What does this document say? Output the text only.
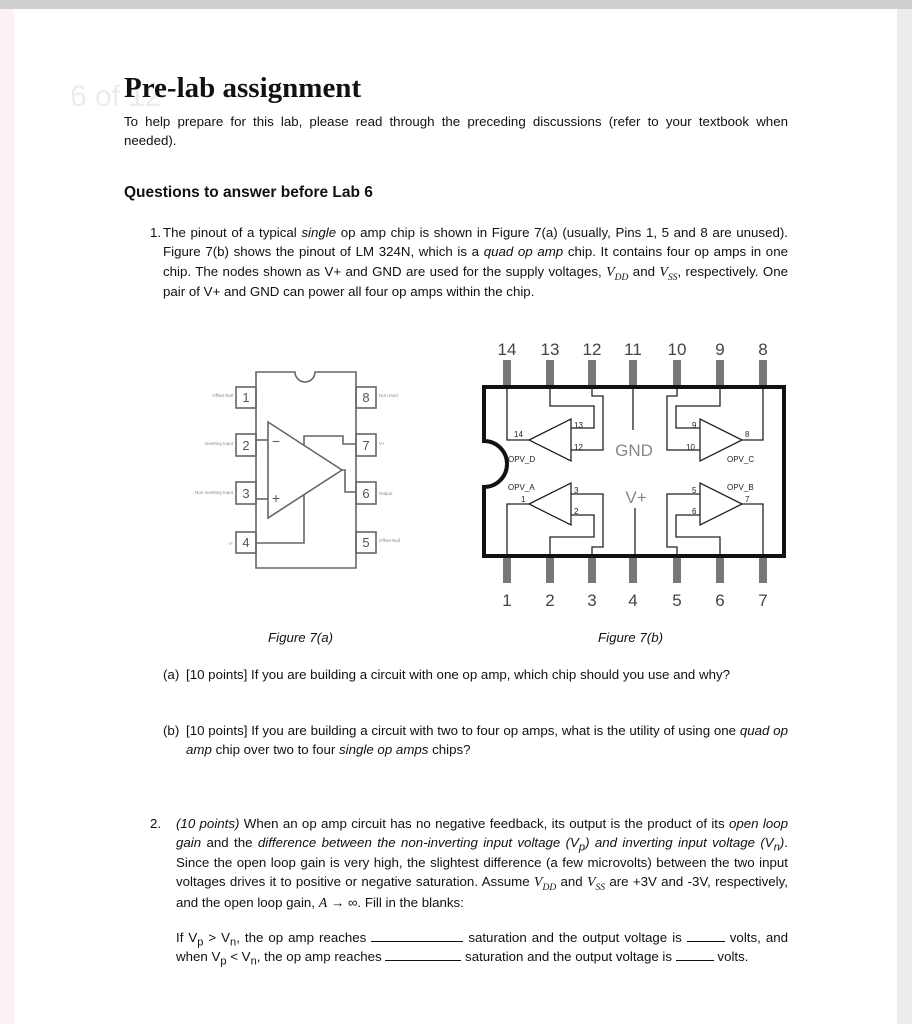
6 of 12
Pre-lab assignment
To help prepare for this lab, please read through the preceding discussions (refer to your textbook when needed).
Questions to answer before Lab 6
1. The pinout of a typical single op amp chip is shown in Figure 7(a) (usually, Pins 1, 5 and 8 are unused). Figure 7(b) shows the pinout of LM 324N, which is a quad op amp chip. It contains four op amps in one chip. The nodes shown as V+ and GND are used for the supply voltages, $V_{DD}$ and $V_{SS}$, respectively. One pair of V+ and GND can power all four op amps within the chip.
1
2
3
4	5
6
7
8
−
+
Offset Null
Inverting Input
Non Inverting Input
V-
Not Used
V+
Output
Offset Null
14 13 12 11 10 9 8
1 2 3 4 5 6 7
GND
V+
OPV_D
14
13
12
OPV_C
8
9
10
OPV_A
1
2
3	OPV_B
7
6
5
Figure 7(a)	Figure 7(b)
(a) [10 points] If you are building a circuit with one op amp, which chip should you use and why?
(b) [10 points] If you are building a circuit with two to four op amps, what is the utility of using one quad op amp chip over two to four single op amps chips?
2. (10 points) When an op amp circuit has no negative feedback, its output is the product of its open loop gain and the difference between the non-inverting input voltage $(V_p)$ and inverting input voltage $(V_n)$. Since the open loop gain is very high, the slightest difference (a few microvolts) between the two input voltages drives it to positive or negative saturation. Assume $V_{DD}$ and $V_{SS}$ are +3V and -3V, respectively, and the open loop gain, A → ∞. Fill in the blanks:
If $V_p > V_n$, the op amp reaches	saturation and the output voltage is	volts, and when $V_p < V_n$, the op amp reaches	saturation and the output voltage is	volts.
